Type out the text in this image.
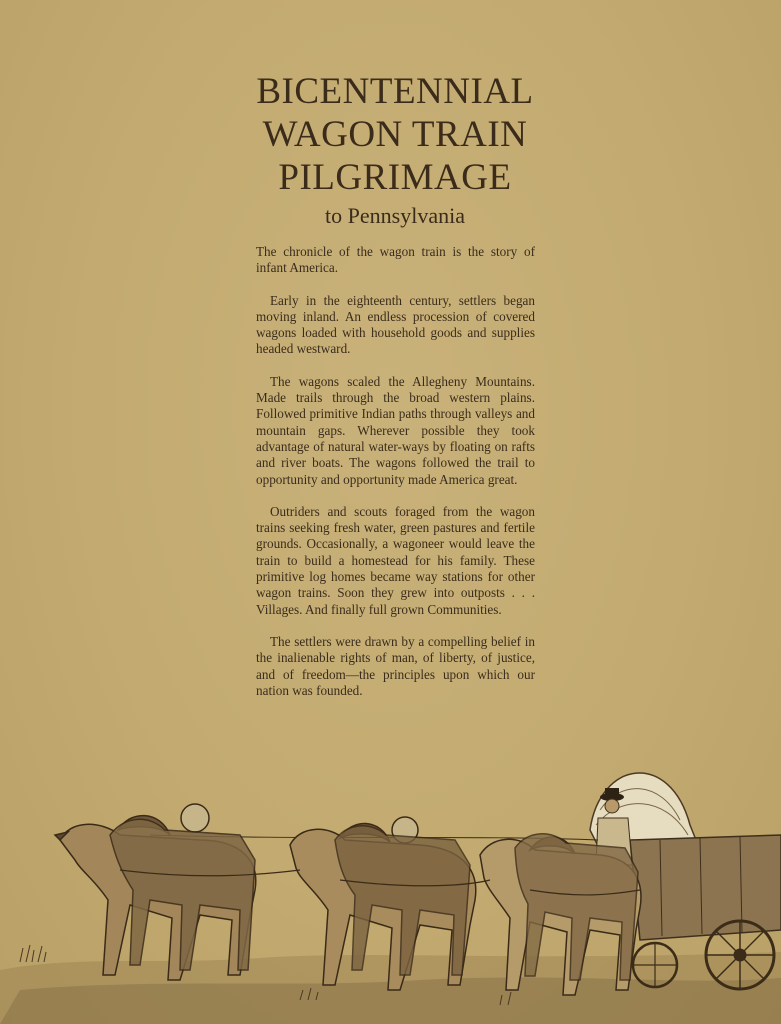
BICENTENNIAL
WAGON TRAIN
PILGRIMAGE
to Pennsylvania

The chronicle of the wagon train is the story of infant America.

Early in the eighteenth century, settlers began moving inland. An endless procession of covered wagons loaded with household goods and supplies headed westward.

The wagons scaled the Allegheny Mountains. Made trails through the broad western plains. Followed primitive Indian paths through valleys and mountain gaps. Wherever possible they took advantage of natural water-ways by floating on rafts and river boats. The wagons followed the trail to opportunity and opportunity made America great.

Outriders and scouts foraged from the wagon trains seeking fresh water, green pastures and fertile grounds. Occasionally, a wagoneer would leave the train to build a homestead for his family. These primitive log homes became way stations for other wagon trains. Soon they grew into outposts . . . Villages. And finally full grown Communities.

The settlers were drawn by a compelling belief in the inalienable rights of man, of liberty, of justice, and of freedom—the principles upon which our nation was founded.
